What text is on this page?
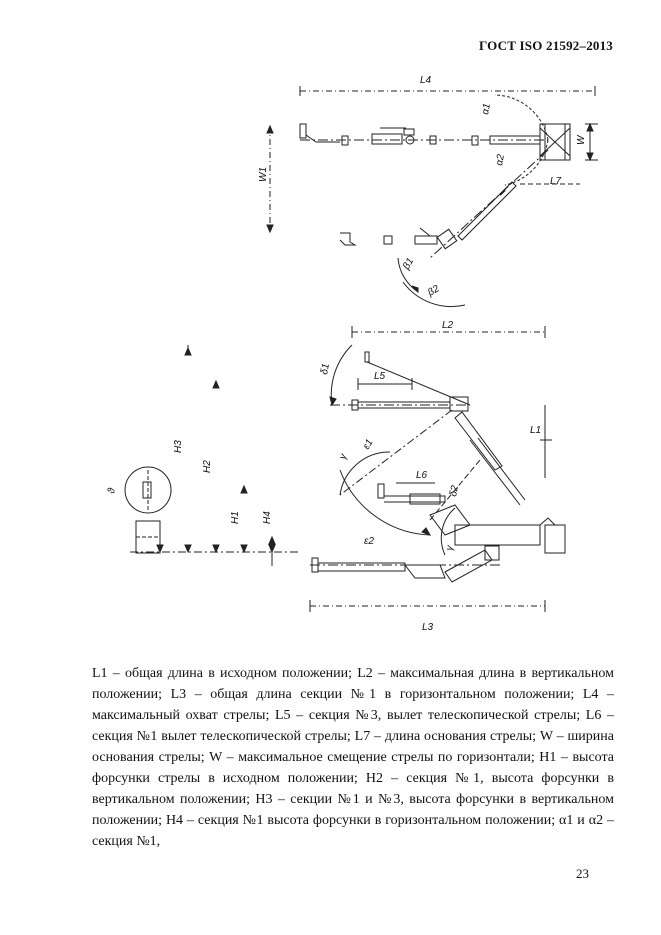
ГОСТ ISO 21592–2013
L4
W1
W
α1
α2
L7
β1
β2
L2
δ1
L5
L1
H3
H2
H1 H4
γ
ε1
L6
δ2
γ
ε2
ϑ
L3
L1 – общая длина в исходном положении; L2 – максимальная длина в вертикальном положении; L3 – общая длина секции №1 в горизонтальном положении; L4 – максимальный охват стрелы; L5 – секция №3, вылет телескопической стрелы; L6 – секция №1 вылет телескопической стрелы; L7 – длина основания стрелы; W – ширина основания стрелы; W – максимальное смещение стрелы по горизонтали; H1 – высота форсунки стрелы в исходном положении; H2 – секция №1, высота форсунки в вертикальном положении; H3 – секции №1 и №3, высота форсунки в вертикальном положении; H4 – секция №1 высота форсунки в горизонтальном положении; α1 и α2 – секция №1,
23
